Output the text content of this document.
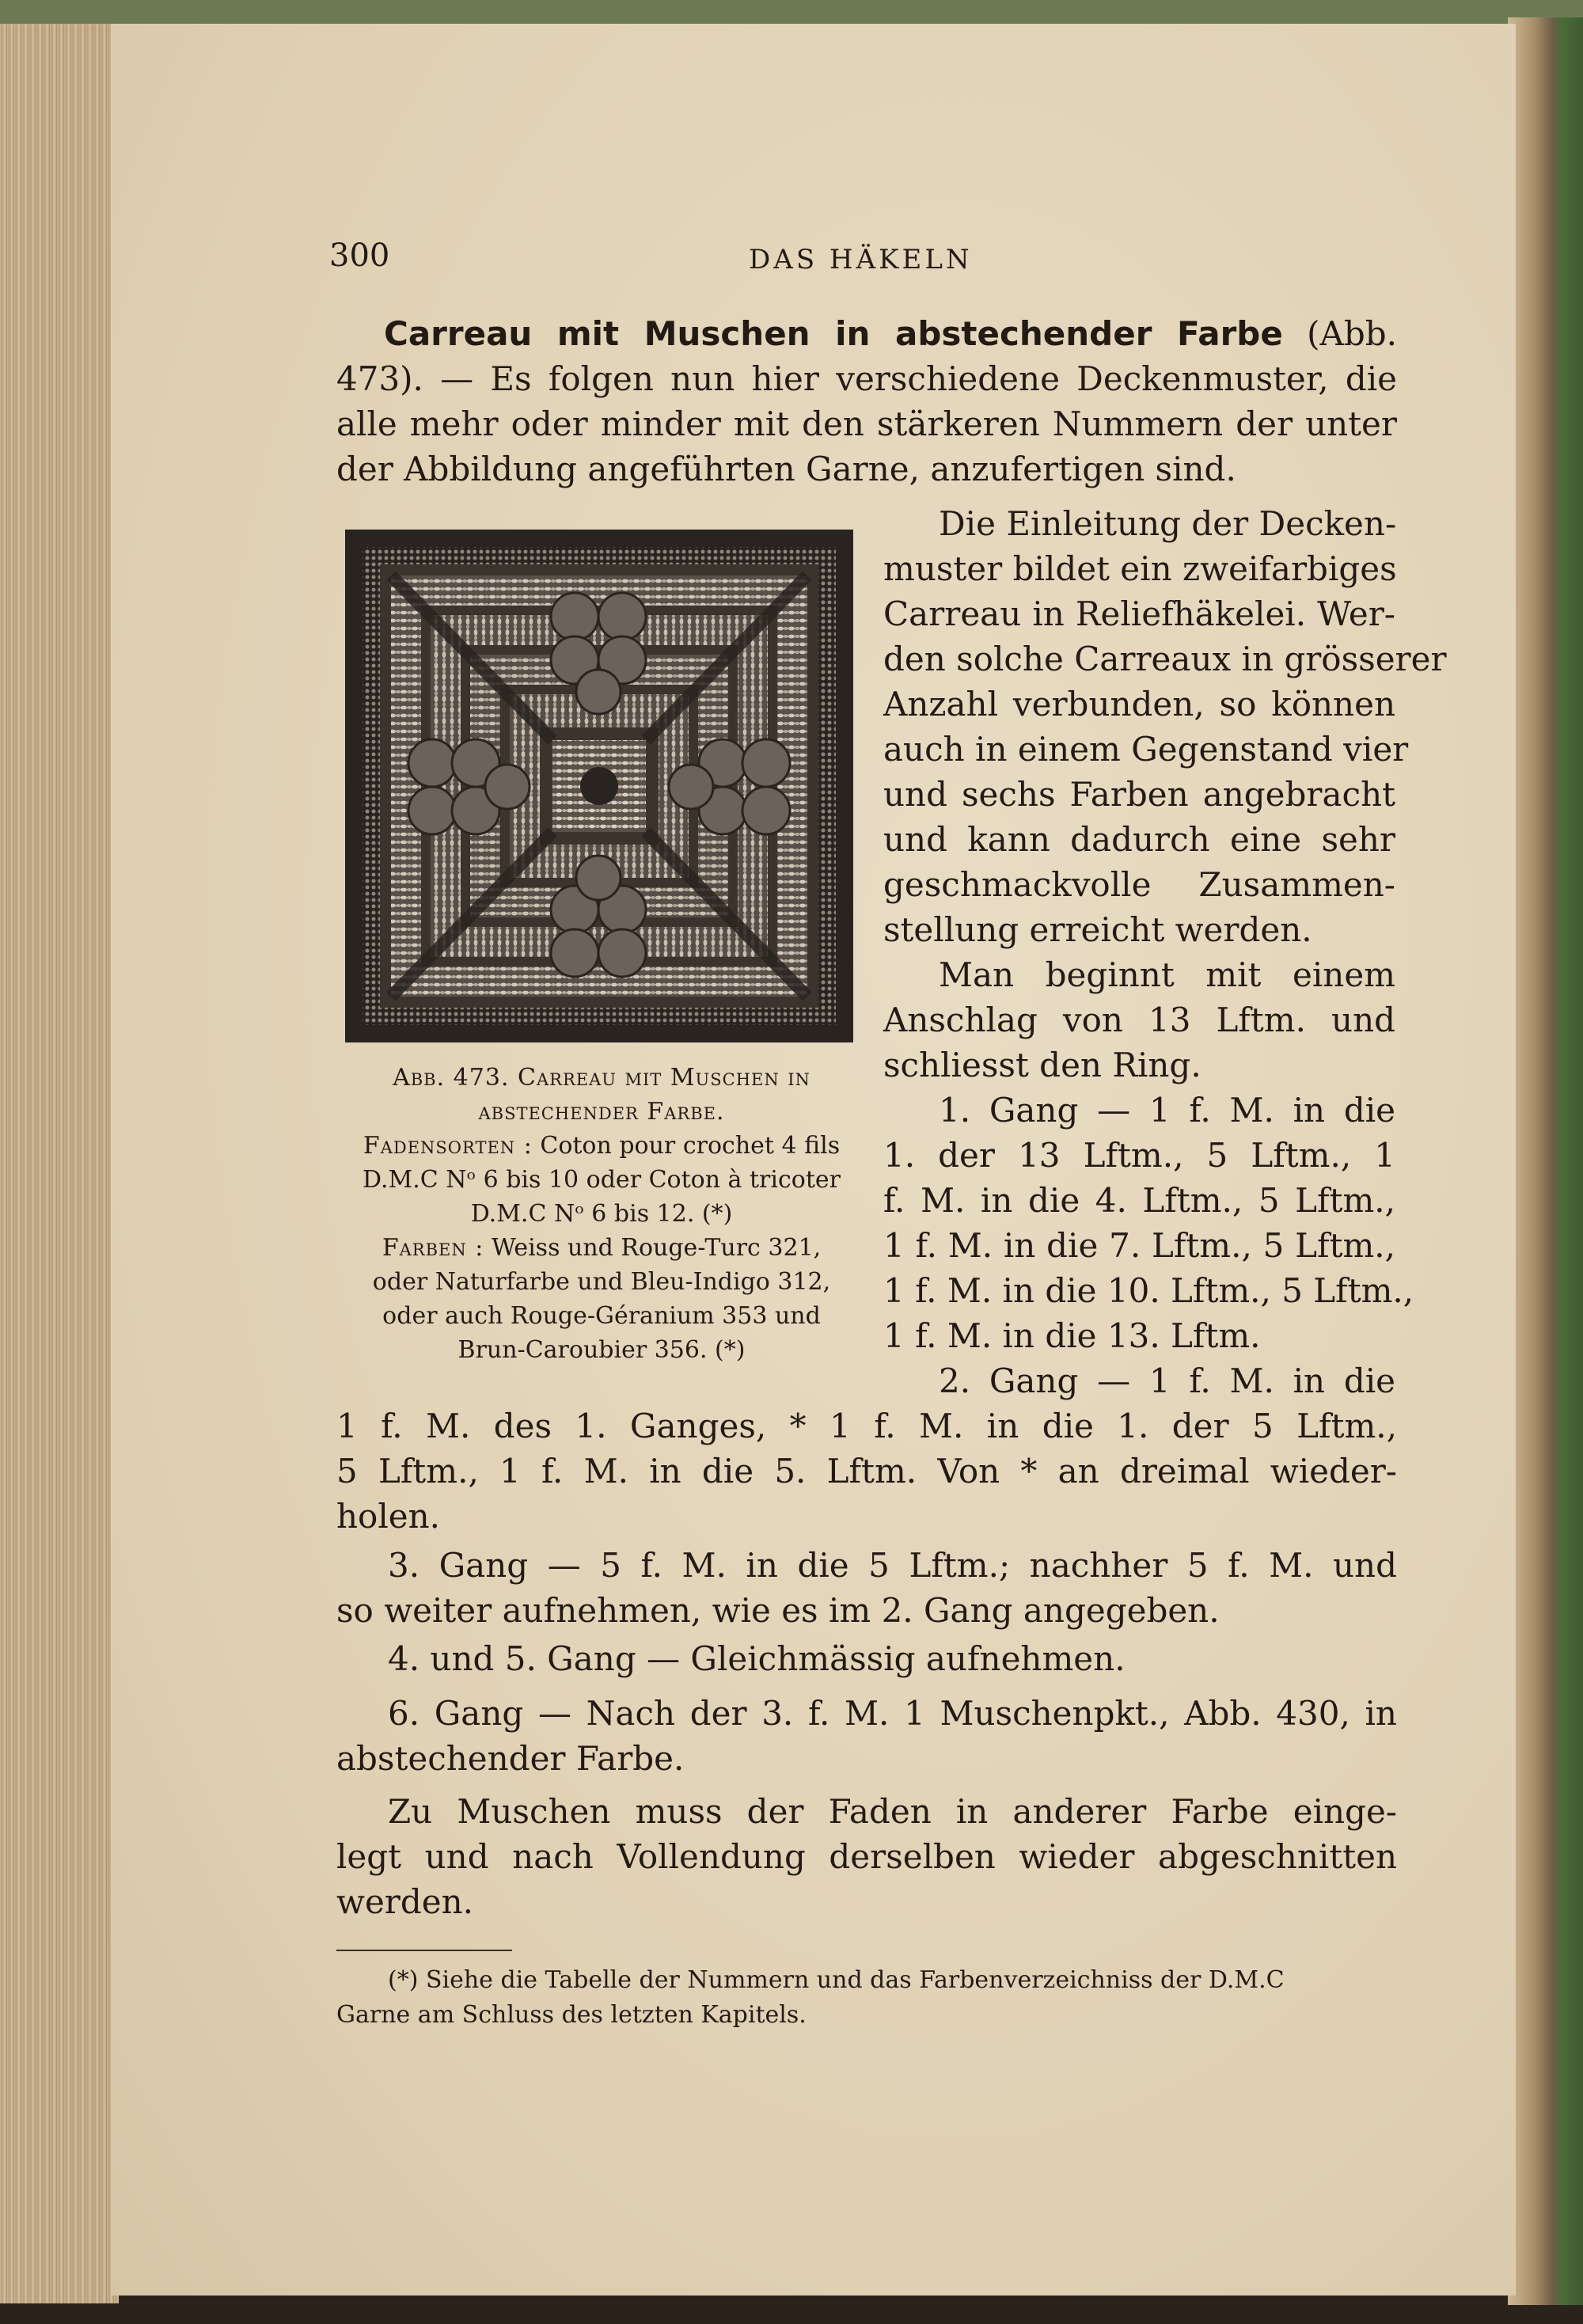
300	DAS HÄKELN
Carreau mit Muschen in abstechender Farbe (Abb.
473). — Es folgen nun hier verschiedene Deckenmuster, die
alle mehr oder minder mit den stärkeren Nummern der unter
der Abbildung angeführten Garne, anzufertigen sind.
Abb. 473. Carreau mit Muschen in
abstechender Farbe.
Fadensorten : Coton pour crochet 4 fils
D.M.C Nᵒ 6 bis 10 oder Coton à tricoter
D.M.C Nᵒ 6 bis 12. (*)
Farben : Weiss und Rouge-Turc 321,
oder Naturfarbe und Bleu-Indigo 312,
oder auch Rouge-Géranium 353 und
Brun-Caroubier 356. (*)
Die Einleitung der Decken-
muster bildet ein zweifarbiges
Carreau in Reliefhäkelei. Wer-
den solche Carreaux in grösserer
Anzahl verbunden, so können
auch in einem Gegenstand vier
und sechs Farben angebracht
und kann dadurch eine sehr
geschmackvolle Zusammen-
stellung erreicht werden.
Man beginnt mit einem
Anschlag von 13 Lftm. und
schliesst den Ring.
1. Gang — 1 f. M. in die
1. der 13 Lftm., 5 Lftm., 1
f. M. in die 4. Lftm., 5 Lftm.,
1 f. M. in die 7. Lftm., 5 Lftm.,
1 f. M. in die 10. Lftm., 5 Lftm.,
1 f. M. in die 13. Lftm.
2. Gang — 1 f. M. in die
1 f. M. des 1. Ganges, * 1 f. M. in die 1. der 5 Lftm.,
5 Lftm., 1 f. M. in die 5. Lftm. Von * an dreimal wieder-
holen.
3. Gang — 5 f. M. in die 5 Lftm.; nachher 5 f. M. und
so weiter aufnehmen, wie es im 2. Gang angegeben.
4. und 5. Gang — Gleichmässig aufnehmen.
6. Gang — Nach der 3. f. M. 1 Muschenpkt., Abb. 430, in
abstechender Farbe.
Zu Muschen muss der Faden in anderer Farbe einge-
legt und nach Vollendung derselben wieder abgeschnitten
werden.
(*) Siehe die Tabelle der Nummern und das Farbenverzeichniss der D.M.C
Garne am Schluss des letzten Kapitels.
